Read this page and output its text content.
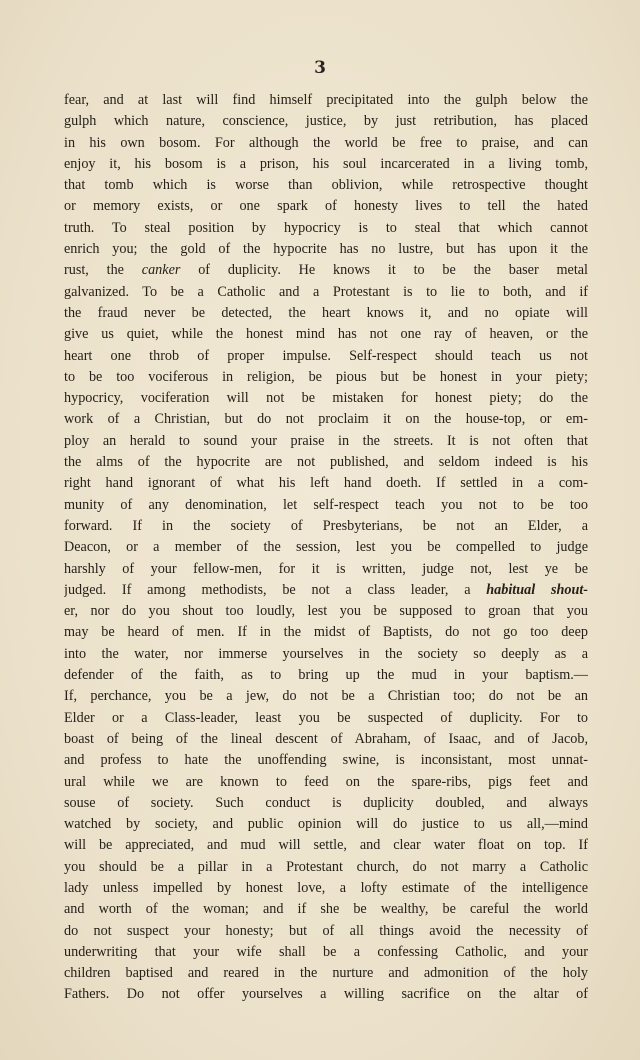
3
fear, and at last will find himself precipitated into the gulph below the
gulph which nature, conscience, justice, by just retribution, has placed
in his own bosom. For although the world be free to praise, and can
enjoy it, his bosom is a prison, his soul incarcerated in a living tomb,
that tomb which is worse than oblivion, while retrospective thought
or memory exists, or one spark of honesty lives to tell the hated
truth. To steal position by hypocricy is to steal that which cannot
enrich you; the gold of the hypocrite has no lustre, but has upon it the
rust, the canker of duplicity. He knows it to be the baser metal
galvanized. To be a Catholic and a Protestant is to lie to both, and if
the fraud never be detected, the heart knows it, and no opiate will
give us quiet, while the honest mind has not one ray of heaven, or the
heart one throb of proper impulse. Self-respect should teach us not
to be too vociferous in religion, be pious but be honest in your piety;
hypocricy, vociferation will not be mistaken for honest piety; do the
work of a Christian, but do not proclaim it on the house-top, or em-
ploy an herald to sound your praise in the streets. It is not often that
the alms of the hypocrite are not published, and seldom indeed is his
right hand ignorant of what his left hand doeth. If settled in a com-
munity of any denomination, let self-respect teach you not to be too
forward. If in the society of Presbyterians, be not an Elder, a
Deacon, or a member of the session, lest you be compelled to judge
harshly of your fellow-men, for it is written, judge not, lest ye be
judged. If among methodists, be not a class leader, a habitual shout-
er, nor do you shout too loudly, lest you be supposed to groan that you
may be heard of men. If in the midst of Baptists, do not go too deep
into the water, nor immerse yourselves in the society so deeply as a
defender of the faith, as to bring up the mud in your baptism.—
If, perchance, you be a jew, do not be a Christian too; do not be an
Elder or a Class-leader, least you be suspected of duplicity. For to
boast of being of the lineal descent of Abraham, of Isaac, and of Jacob,
and profess to hate the unoffending swine, is inconsistant, most unnat-
ural while we are known to feed on the spare-ribs, pigs feet and
souse of society. Such conduct is duplicity doubled, and always
watched by society, and public opinion will do justice to us all,—mind
will be appreciated, and mud will settle, and clear water float on top. If
you should be a pillar in a Protestant church, do not marry a Catholic
lady unless impelled by honest love, a lofty estimate of the intelligence
and worth of the woman; and if she be wealthy, be careful the world
do not suspect your honesty; but of all things avoid the necessity of
underwriting that your wife shall be a confessing Catholic, and your
children baptised and reared in the nurture and admonition of the holy
Fathers. Do not offer yourselves a willing sacrifice on the altar of
